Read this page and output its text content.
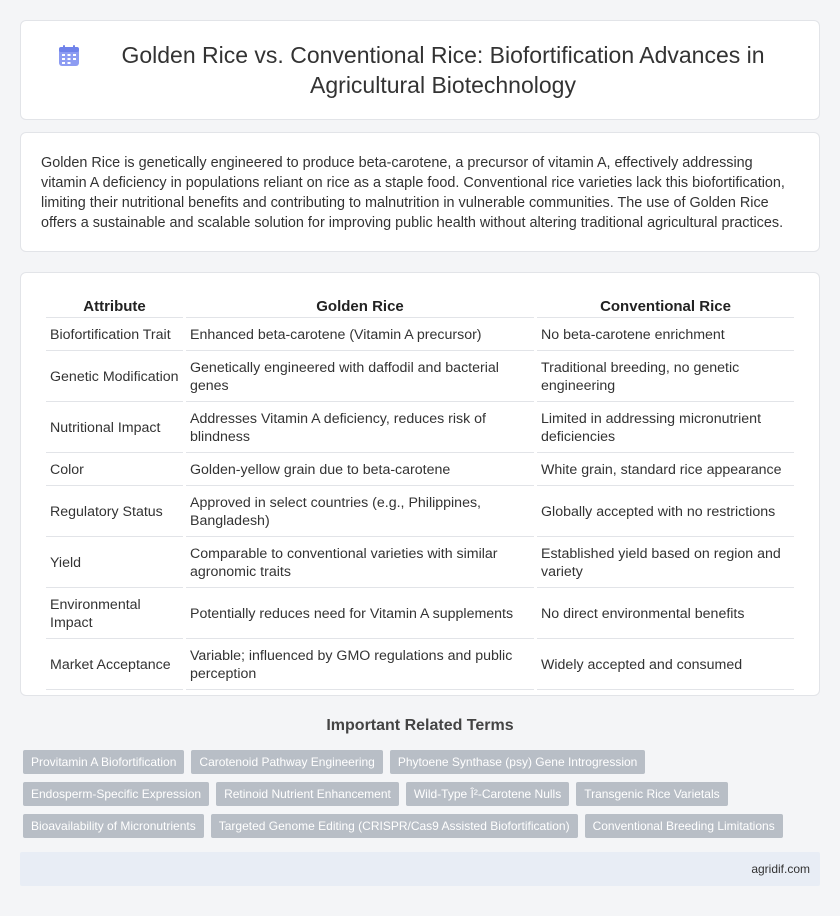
Golden Rice vs. Conventional Rice: Biofortification Advances in Agricultural Biotechnology

Golden Rice is genetically engineered to produce beta-carotene, a precursor of vitamin A, effectively addressing vitamin A deficiency in populations reliant on rice as a staple food. Conventional rice varieties lack this biofortification, limiting their nutritional benefits and contributing to malnutrition in vulnerable communities. The use of Golden Rice offers a sustainable and scalable solution for improving public health without altering traditional agricultural practices.

Attribute	Golden Rice	Conventional Rice
Biofortification Trait	Enhanced beta-carotene (Vitamin A precursor)	No beta-carotene enrichment
Genetic Modification	Genetically engineered with daffodil and bacterial genes	Traditional breeding, no genetic engineering
Nutritional Impact	Addresses Vitamin A deficiency, reduces risk of blindness	Limited in addressing micronutrient deficiencies
Color	Golden-yellow grain due to beta-carotene	White grain, standard rice appearance
Regulatory Status	Approved in select countries (e.g., Philippines, Bangladesh)	Globally accepted with no restrictions
Yield	Comparable to conventional varieties with similar agronomic traits	Established yield based on region and variety
Environmental Impact	Potentially reduces need for Vitamin A supplements	No direct environmental benefits
Market Acceptance	Variable; influenced by GMO regulations and public perception	Widely accepted and consumed
Important Related Terms
Provitamin A Biofortification	Carotenoid Pathway Engineering	Phytoene Synthase (psy) Gene Introgression
Endosperm-Specific Expression	Retinoid Nutrient Enhancement	Wild-Type Î²-Carotene Nulls	Transgenic Rice Varietals
Bioavailability of Micronutrients	Targeted Genome Editing (CRISPR/Cas9 Assisted Biofortification)	Conventional Breeding Limitations
agridif.com
